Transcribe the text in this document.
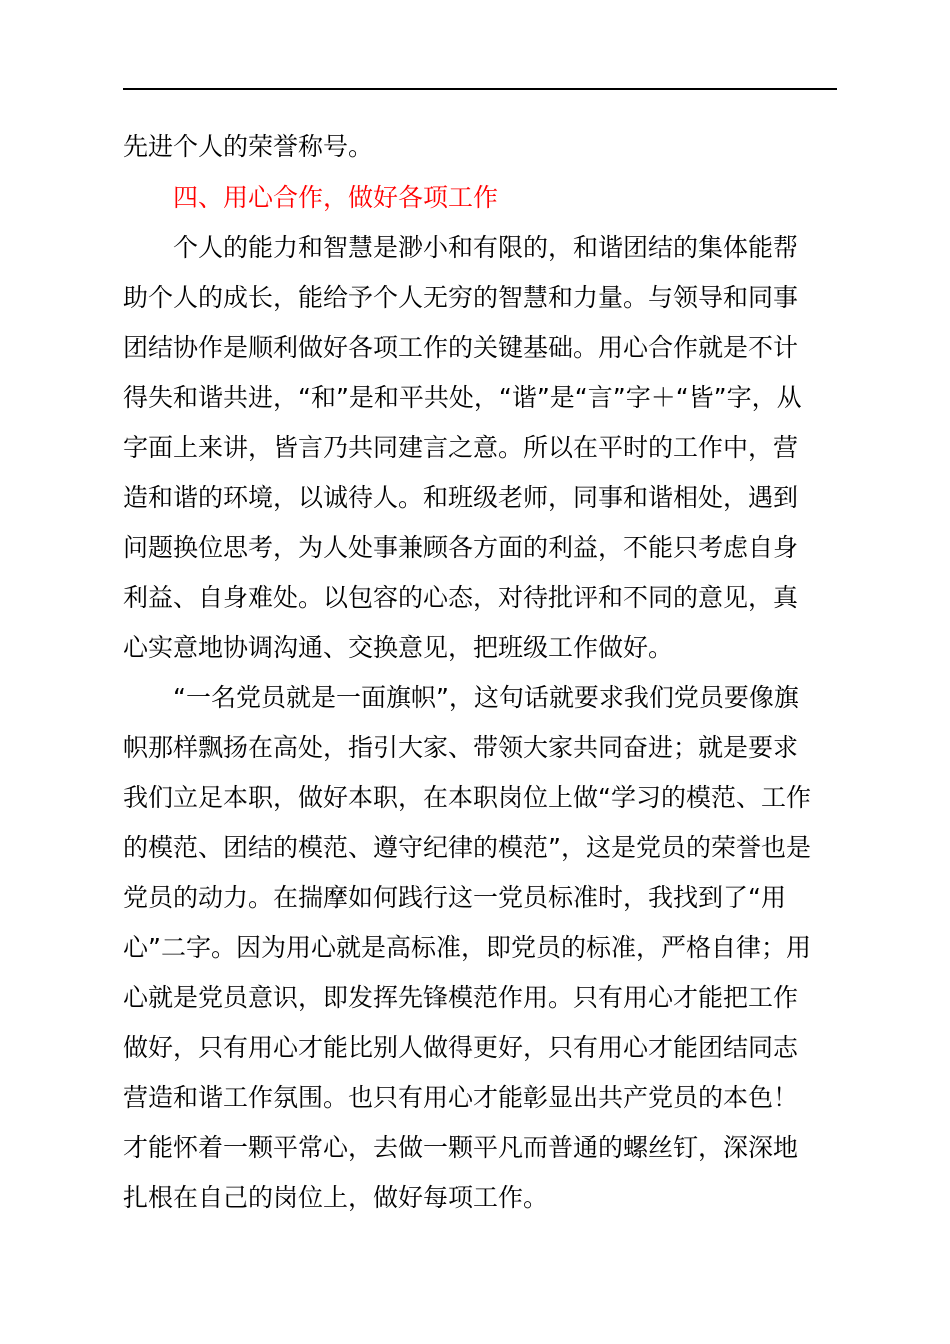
先进个人的荣誉称号。
四、用心合作，做好各项工作
个人的能力和智慧是渺小和有限的，和谐团结的集体能帮
助个人的成长，能给予个人无穷的智慧和力量。与领导和同事
团结协作是顺利做好各项工作的关键基础。用心合作就是不计
得失和谐共进，“和”是和平共处，“谐”是“言”字＋“皆”字，从
字面上来讲，皆言乃共同建言之意。所以在平时的工作中，营
造和谐的环境，以诚待人。和班级老师，同事和谐相处，遇到
问题换位思考，为人处事兼顾各方面的利益，不能只考虑自身
利益、自身难处。以包容的心态，对待批评和不同的意见，真
心实意地协调沟通、交换意见，把班级工作做好。
“一名党员就是一面旗帜”，这句话就要求我们党员要像旗
帜那样飘扬在高处，指引大家、带领大家共同奋进；就是要求
我们立足本职，做好本职，在本职岗位上做“学习的模范、工作
的模范、团结的模范、遵守纪律的模范”，这是党员的荣誉也是
党员的动力。在揣摩如何践行这一党员标准时，我找到了“用
心”二字。因为用心就是高标准，即党员的标准，严格自律；用
心就是党员意识，即发挥先锋模范作用。只有用心才能把工作
做好，只有用心才能比别人做得更好，只有用心才能团结同志
营造和谐工作氛围。也只有用心才能彰显出共产党员的本色！
才能怀着一颗平常心，去做一颗平凡而普通的螺丝钉，深深地
扎根在自己的岗位上，做好每项工作。
